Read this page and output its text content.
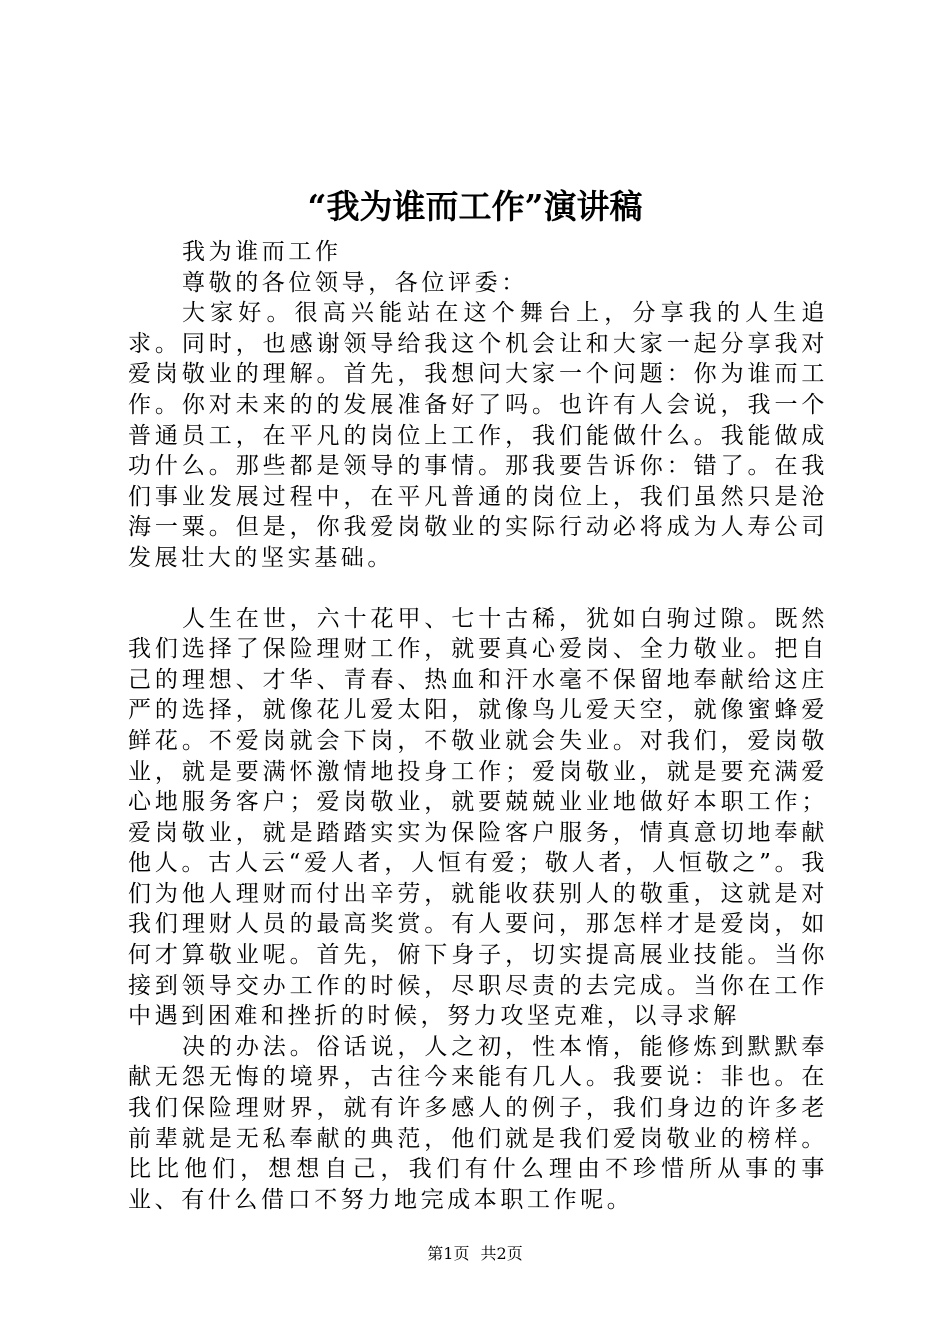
“我为谁而工作”演讲稿

我为谁而工作

尊敬的各位领导，各位评委：

大家好。很高兴能站在这个舞台上，分享我的人生追求。同时，也感谢领导给我这个机会让和大家一起分享我对爱岗敬业的理解。首先，我想问大家一个问题：你为谁而工作。你对未来的的发展准备好了吗。也许有人会说，我一个普通员工，在平凡的岗位上工作，我们能做什么。我能做成功什么。那些都是领导的事情。那我要告诉你：错了。在我们事业发展过程中，在平凡普通的岗位上，我们虽然只是沧海一粟。但是，你我爱岗敬业的实际行动必将成为人寿公司发展壮大的坚实基础。

人生在世，六十花甲、七十古稀，犹如白驹过隙。既然我们选择了保险理财工作，就要真心爱岗、全力敬业。把自己的理想、才华、青春、热血和汗水毫不保留地奉献给这庄严的选择，就像花儿爱太阳，就像鸟儿爱天空，就像蜜蜂爱鲜花。不爱岗就会下岗，不敬业就会失业。对我们，爱岗敬业，就是要满怀激情地投身工作；爱岗敬业，就是要充满爱心地服务客户；爱岗敬业，就要兢兢业业地做好本职工作；爱岗敬业，就是踏踏实实为保险客户服务，情真意切地奉献他人。古人云“爱人者，人恒有爱；敬人者，人恒敬之”。我们为他人理财而付出辛劳，就能收获别人的敬重，这就是对我们理财人员的最高奖赏。有人要问，那怎样才是爱岗，如何才算敬业呢。首先，俯下身子，切实提高展业技能。当你接到领导交办工作的时候，尽职尽责的去完成。当你在工作中遇到困难和挫折的时候，努力攻坚克难，以寻求解

决的办法。俗话说，人之初，性本惰，能修炼到默默奉献无怨无悔的境界，古往今来能有几人。我要说：非也。在我们保险理财界，就有许多感人的例子，我们身边的许多老前辈就是无私奉献的典范，他们就是我们爱岗敬业的榜样。比比他们，想想自己，我们有什么理由不珍惜所从事的事业、有什么借口不努力地完成本职工作呢。

第1页 共2页
